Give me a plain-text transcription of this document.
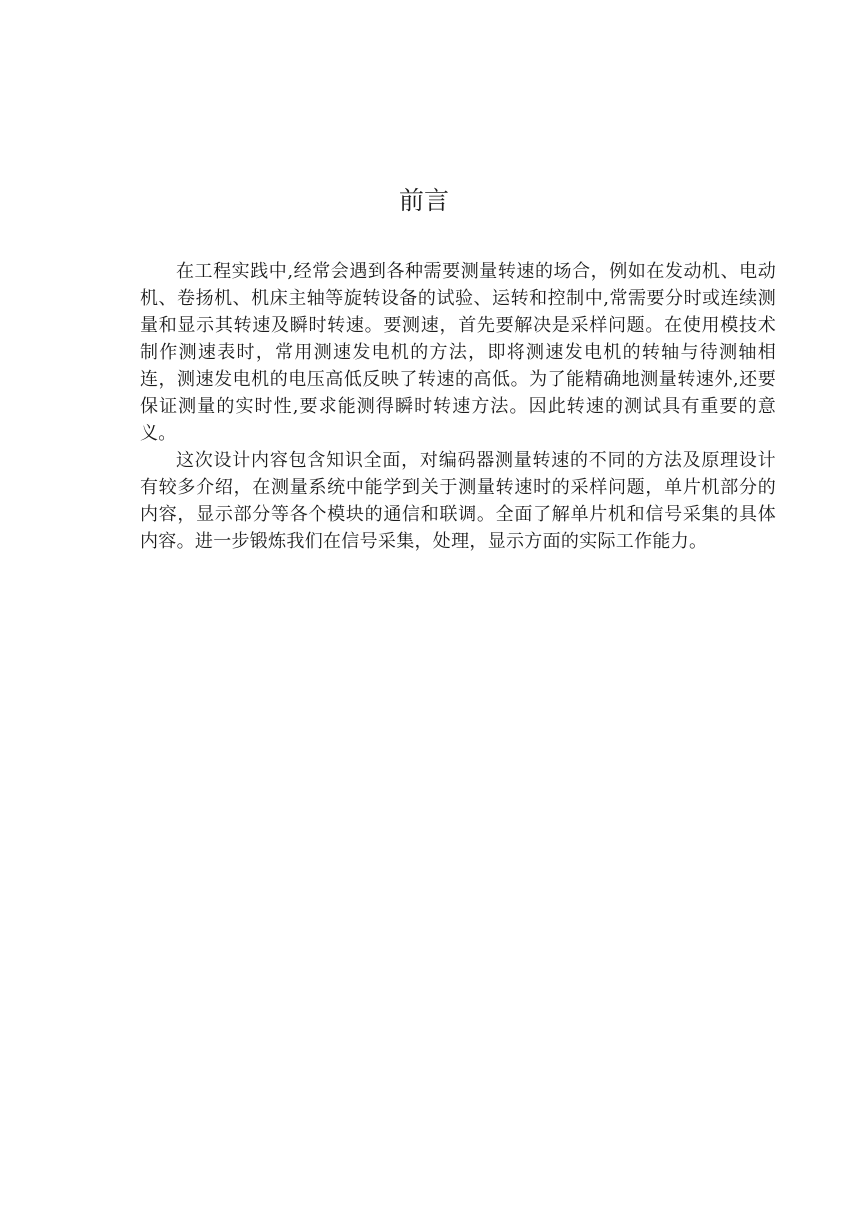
前言

在工程实践中,经常会遇到各种需要测量转速的场合，例如在发动机、电动机、卷扬机、机床主轴等旋转设备的试验、运转和控制中,常需要分时或连续测量和显示其转速及瞬时转速。要测速，首先要解决是采样问题。在使用模技术制作测速表时，常用测速发电机的方法，即将测速发电机的转轴与待测轴相连，测速发电机的电压高低反映了转速的高低。为了能精确地测量转速外,还要保证测量的实时性,要求能测得瞬时转速方法。因此转速的测试具有重要的意义。

这次设计内容包含知识全面，对编码器测量转速的不同的方法及原理设计有较多介绍，在测量系统中能学到关于测量转速时的采样问题，单片机部分的内容，显示部分等各个模块的通信和联调。全面了解单片机和信号采集的具体内容。进一步锻炼我们在信号采集，处理，显示方面的实际工作能力。
